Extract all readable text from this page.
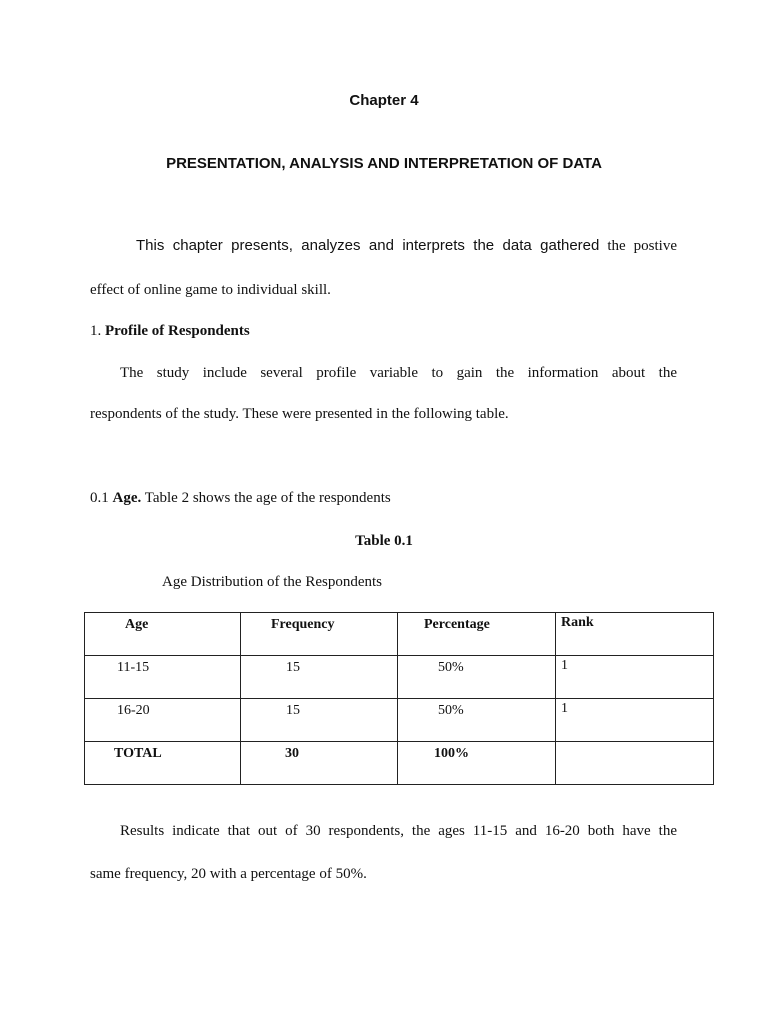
Chapter 4
PRESENTATION, ANALYSIS AND INTERPRETATION OF DATA
This chapter presents, analyzes and interprets the data gathered the postive
effect of online game to individual skill.
1. Profile of Respondents
The study include several profile variable to gain the information about the
respondents of the study. These were presented in the following table.
0.1 Age. Table 2 shows the age of the respondents
Table 0.1
Age Distribution of the Respondents
Age	Frequency	Percentage	Rank

11-15	15	50%	1

16-20	15	50%	1

TOTAL	30	100%	

Results indicate that out of 30 respondents, the ages 11-15 and 16-20 both have the
same frequency, 20 with a percentage of 50%.
